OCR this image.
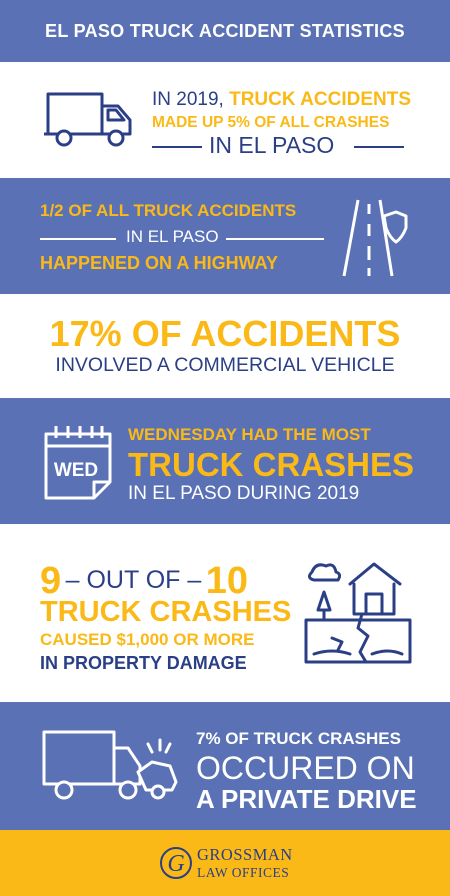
EL PASO TRUCK ACCIDENT STATISTICS
IN 2019, TRUCK ACCIDENTS
MADE UP 5% OF ALL CRASHES
IN EL PASO
1/2 OF ALL TRUCK ACCIDENTS
IN EL PASO
HAPPENED ON A HIGHWAY
17% OF ACCIDENTS
INVOLVED A COMMERCIAL VEHICLE
WED
WEDNESDAY HAD THE MOST
TRUCK CRASHES
IN EL PASO DURING 2019
9 – OUT OF – 10
TRUCK CRASHES
CAUSED $1,000 OR MORE
IN PROPERTY DAMAGE
7% OF TRUCK CRASHES
OCCURED ON
A PRIVATE DRIVE
G GROSSMAN
LAW OFFICES
